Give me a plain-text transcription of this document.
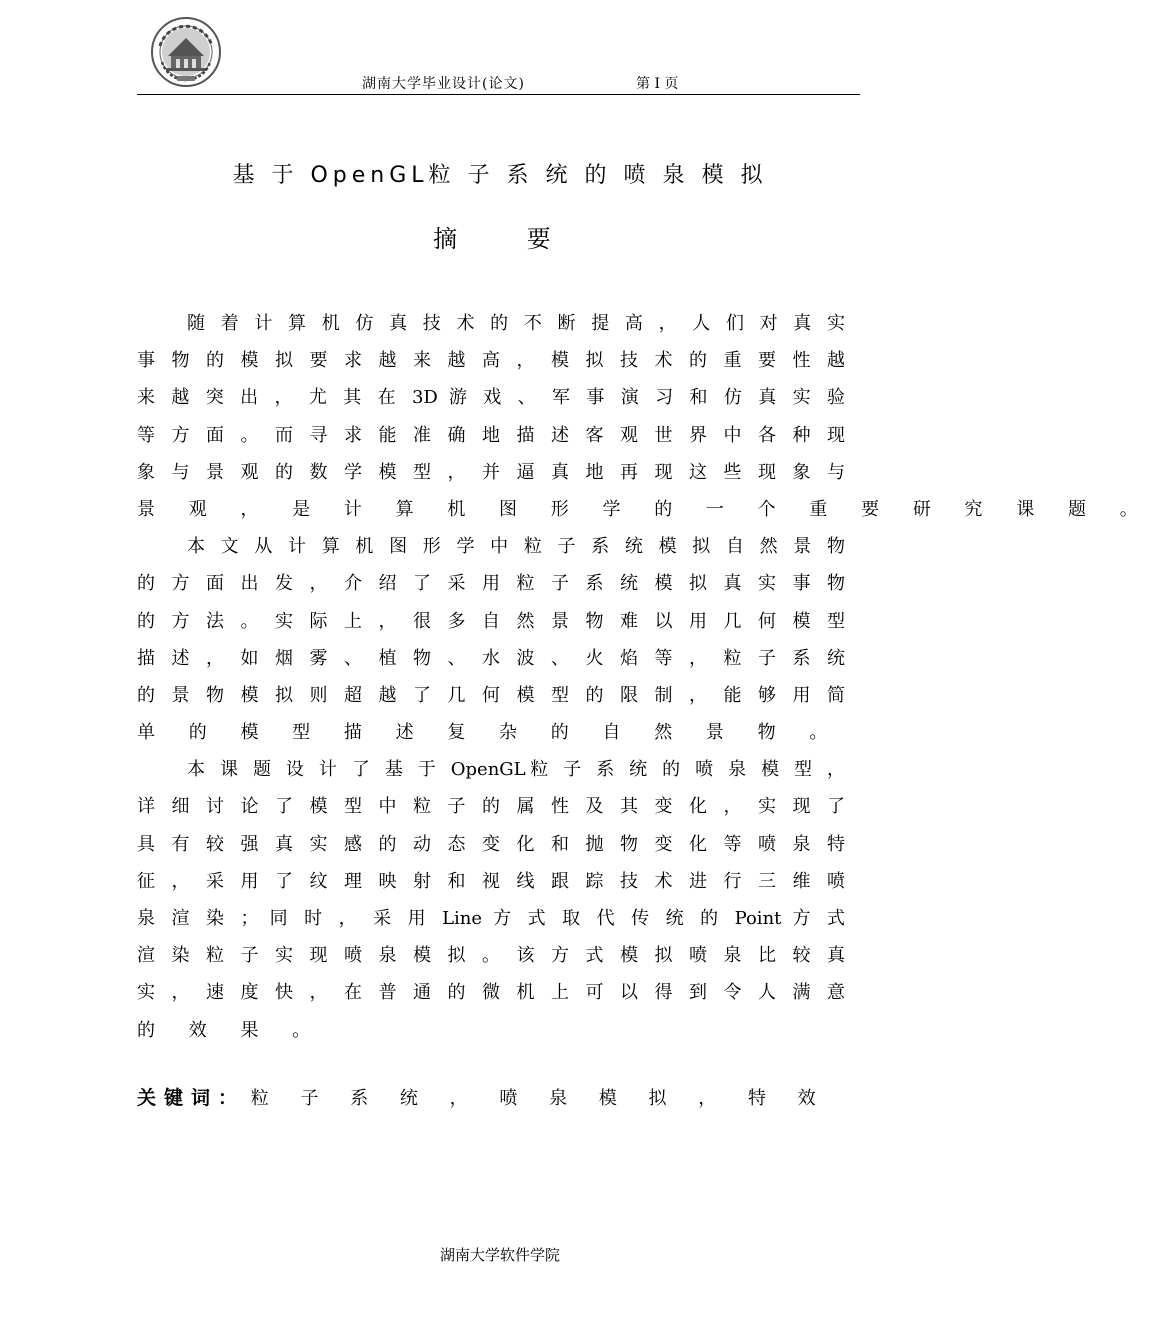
湖南大学毕业设计(论文)	第 I 页
基 于 OpenGL粒 子 系 统 的 喷 泉 模 拟
摘 要
随 着 计 算 机 仿 真 技 术 的 不 断 提 高 ， 人 们 对 真 实
事 物 的 模 拟 要 求 越 来 越 高 ， 模 拟 技 术 的 重 要 性 越
来 越 突 出 ， 尤 其 在 3D 游 戏 、 军 事 演 习 和 仿 真 实 验
等 方 面 。 而 寻 求 能 准 确 地 描 述 客 观 世 界 中 各 种 现
象 与 景 观 的 数 学 模 型 ， 并 逼 真 地 再 现 这 些 现 象 与
景 观 ， 是 计 算 机 图 形 学 的 一 个 重 要 研 究 课 题 。
本 文 从 计 算 机 图 形 学 中 粒 子 系 统 模 拟 自 然 景 物
的 方 面 出 发 ， 介 绍 了 采 用 粒 子 系 统 模 拟 真 实 事 物
的 方 法 。 实 际 上 ， 很 多 自 然 景 物 难 以 用 几 何 模 型
描 述 ， 如 烟 雾 、 植 物 、 水 波 、 火 焰 等 ， 粒 子 系 统
的 景 物 模 拟 则 超 越 了 几 何 模 型 的 限 制 ， 能 够 用 简
单 的 模 型 描 述 复 杂 的 自 然 景 物 。
本 课 题 设 计 了 基 于 OpenGL粒 子 系 统 的 喷 泉 模 型 ，
详 细 讨 论 了 模 型 中 粒 子 的 属 性 及 其 变 化 ， 实 现 了
具 有 较 强 真 实 感 的 动 态 变 化 和 抛 物 变 化 等 喷 泉 特
征 ， 采 用 了 纹 理 映 射 和 视 线 跟 踪 技 术 进 行 三 维 喷
泉 渲 染 ； 同 时 ， 采 用 Line 方 式 取 代 传 统 的 Point 方 式
渲 染 粒 子 实 现 喷 泉 模 拟 。 该 方 式 模 拟 喷 泉 比 较 真
实 ， 速 度 快 ， 在 普 通 的 微 机 上 可 以 得 到 令 人 满 意
的 效 果 。
关键词： 粒 子 系 统 ， 喷 泉 模 拟 ， 特 效
湖南大学软件学院
